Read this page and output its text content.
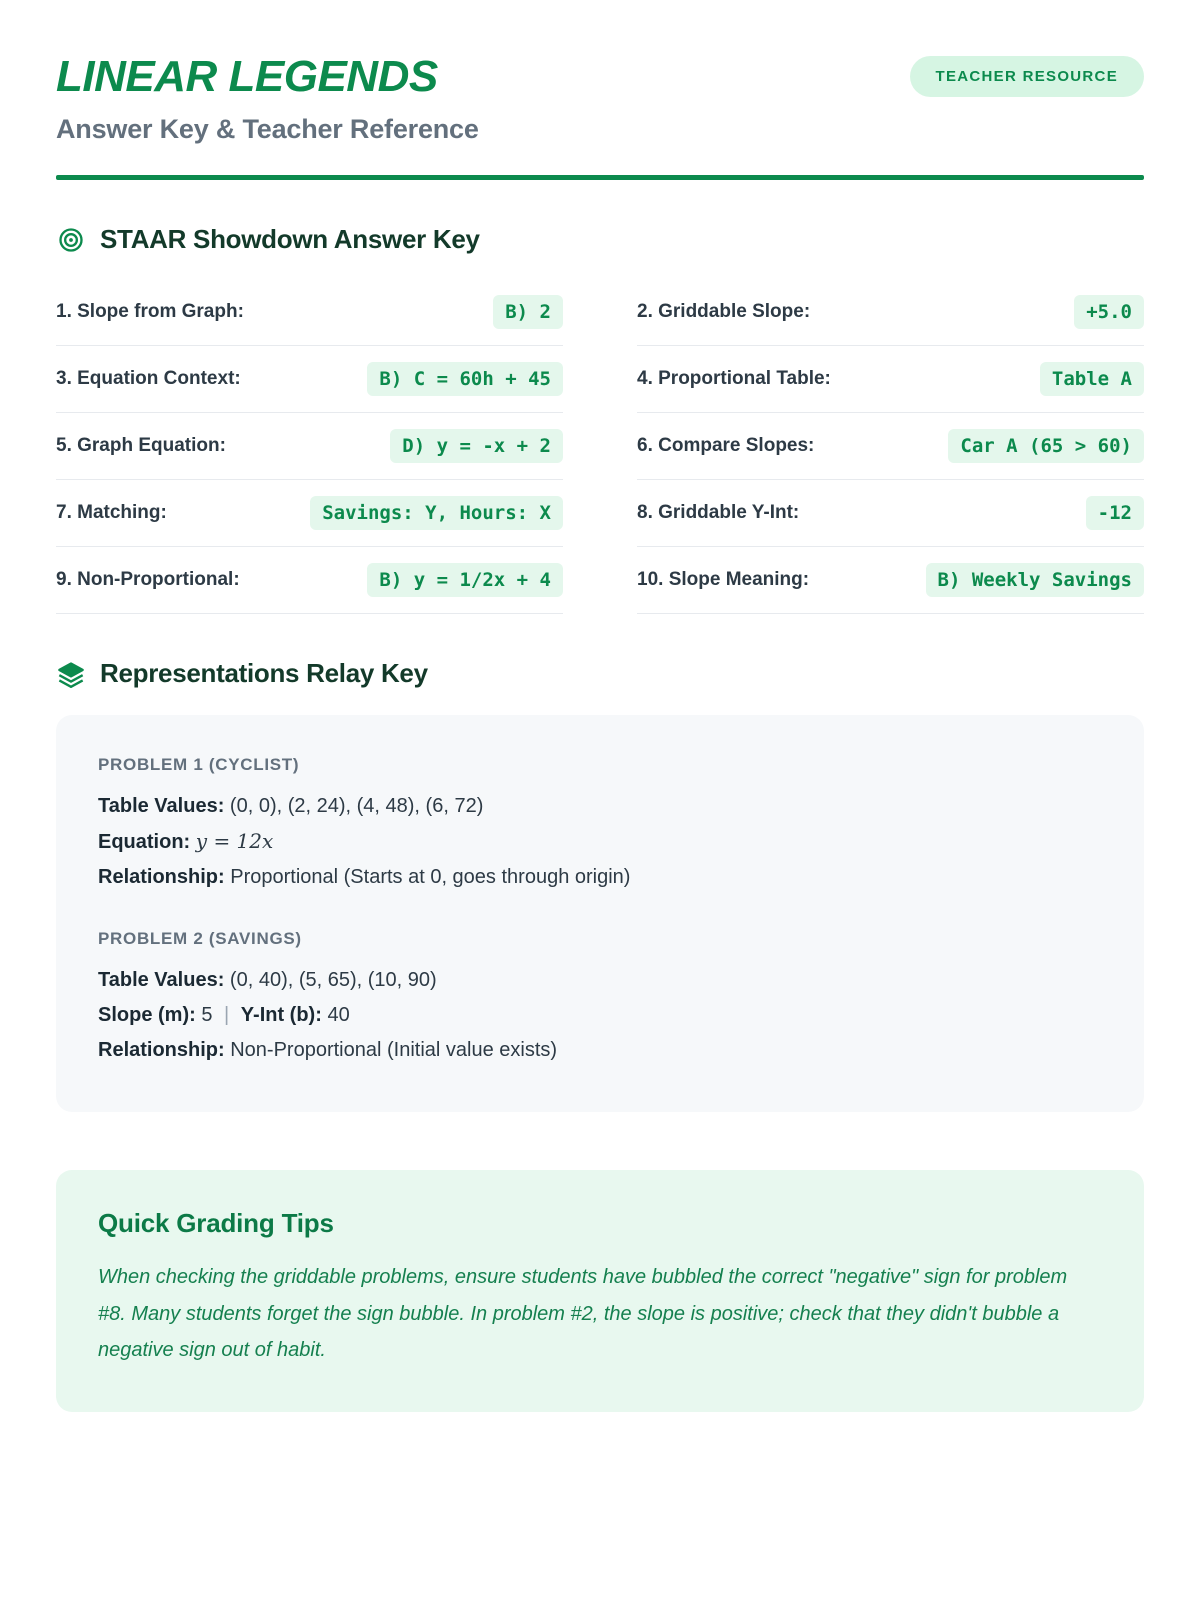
LINEAR LEGENDS
Answer Key & Teacher Reference
TEACHER RESOURCE
STAAR Showdown Answer Key
1. Slope from Graph:	B) 2	2. Griddable Slope:	+5.0
3. Equation Context:	B) C = 60h + 45	4. Proportional Table:	Table A
5. Graph Equation:	D) y = -x + 2	6. Compare Slopes:	Car A (65 > 60)
7. Matching:	Savings: Y, Hours: X	8. Griddable Y-Int:	-12
9. Non-Proportional:	B) y = 1/2x + 4	10. Slope Meaning:	B) Weekly Savings
Representations Relay Key
PROBLEM 1 (CYCLIST)
Table Values: (0, 0), (2, 24), (4, 48), (6, 72)
Equation: y = 12x
Relationship: Proportional (Starts at 0, goes through origin)
PROBLEM 2 (SAVINGS)
Table Values: (0, 40), (5, 65), (10, 90)
Slope (m): 5 | Y-Int (b): 40
Relationship: Non-Proportional (Initial value exists)
Quick Grading Tips
When checking the griddable problems, ensure students have bubbled the correct "negative" sign for problem #8. Many students forget the sign bubble. In problem #2, the slope is positive; check that they didn't bubble a negative sign out of habit.
